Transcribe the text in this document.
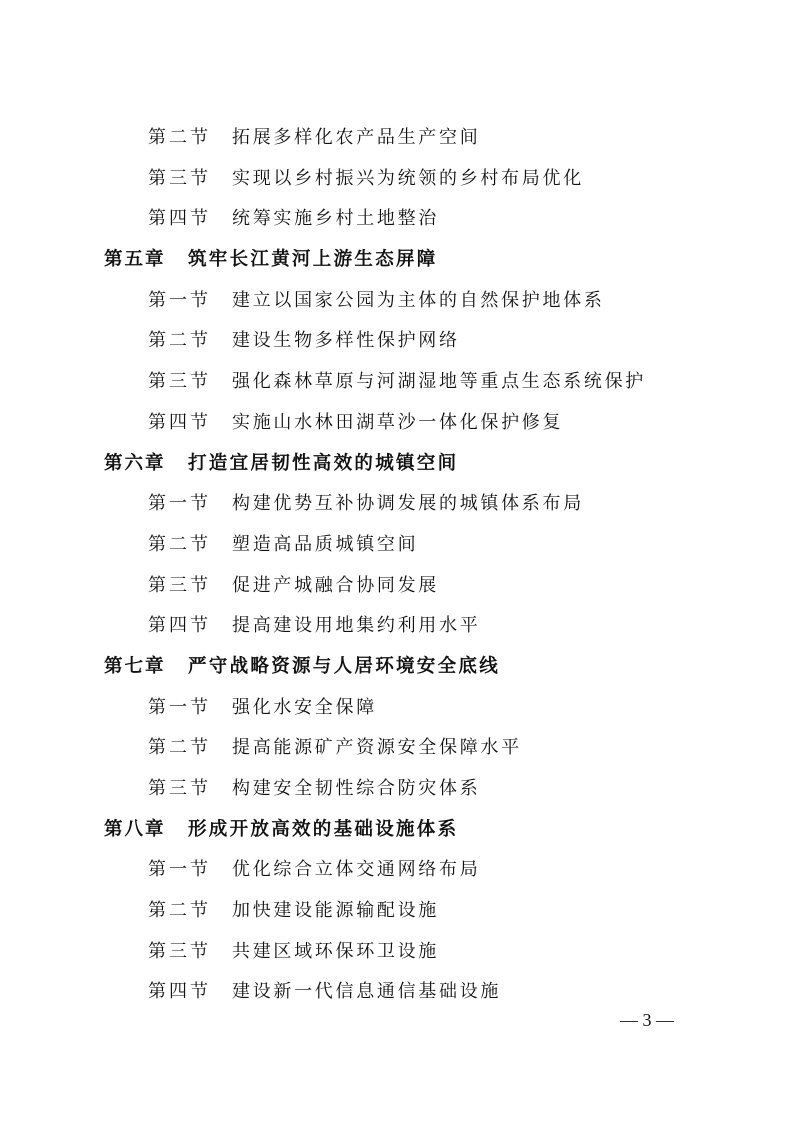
第二节 拓展多样化农产品生产空间
第三节 实现以乡村振兴为统领的乡村布局优化
第四节 统筹实施乡村土地整治
第五章 筑牢长江黄河上游生态屏障
第一节 建立以国家公园为主体的自然保护地体系
第二节 建设生物多样性保护网络
第三节 强化森林草原与河湖湿地等重点生态系统保护
第四节 实施山水林田湖草沙一体化保护修复
第六章 打造宜居韧性高效的城镇空间
第一节 构建优势互补协调发展的城镇体系布局
第二节 塑造高品质城镇空间
第三节 促进产城融合协同发展
第四节 提高建设用地集约利用水平
第七章 严守战略资源与人居环境安全底线
第一节 强化水安全保障
第二节 提高能源矿产资源安全保障水平
第三节 构建安全韧性综合防灾体系
第八章 形成开放高效的基础设施体系
第一节 优化综合立体交通网络布局
第二节 加快建设能源输配设施
第三节 共建区域环保环卫设施
第四节 建设新一代信息通信基础设施
— 3 —
